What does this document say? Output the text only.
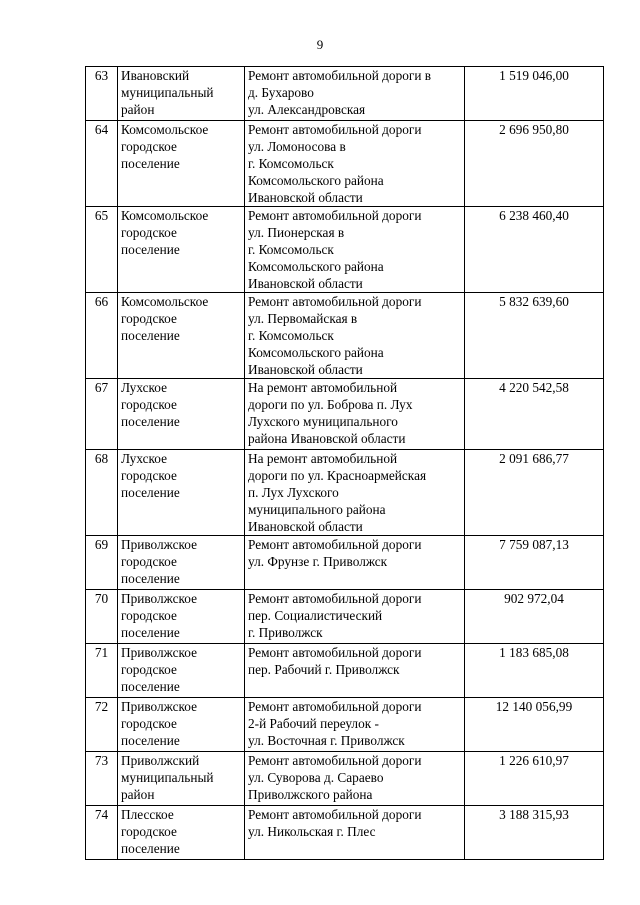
9
63	Ивановский
муниципальный
район	Ремонт автомобильной дороги в
д. Бухарово
ул. Александровская	1 519 046,00
64	Комсомольское
городское
поселение	Ремонт автомобильной дороги
ул. Ломоносова в
г. Комсомольск
Комсомольского района
Ивановской области	2 696 950,80
65	Комсомольское
городское
поселение	Ремонт автомобильной дороги
ул. Пионерская в
г. Комсомольск
Комсомольского района
Ивановской области	6 238 460,40
66	Комсомольское
городское
поселение	Ремонт автомобильной дороги
ул. Первомайская в
г. Комсомольск
Комсомольского района
Ивановской области	5 832 639,60
67	Лухское
городское
поселение	На ремонт автомобильной
дороги по ул. Боброва п. Лух
Лухского муниципального
района Ивановской области	4 220 542,58
68	Лухское
городское
поселение	На ремонт автомобильной
дороги по ул. Красноармейская
п. Лух Лухского
муниципального района
Ивановской области	2 091 686,77
69	Приволжское
городское
поселение	Ремонт автомобильной дороги
ул. Фрунзе г. Приволжск	7 759 087,13
70	Приволжское
городское
поселение	Ремонт автомобильной дороги
пер. Социалистический
г. Приволжск	902 972,04
71	Приволжское
городское
поселение	Ремонт автомобильной дороги
пер. Рабочий г. Приволжск	1 183 685,08
72	Приволжское
городское
поселение	Ремонт автомобильной дороги
2-й Рабочий переулок -
ул. Восточная г. Приволжск	12 140 056,99
73	Приволжский
муниципальный
район	Ремонт автомобильной дороги
ул. Суворова д. Сараево
Приволжского района	1 226 610,97
74	Плесское
городское
поселение	Ремонт автомобильной дороги
ул. Никольская г. Плес	3 188 315,93
